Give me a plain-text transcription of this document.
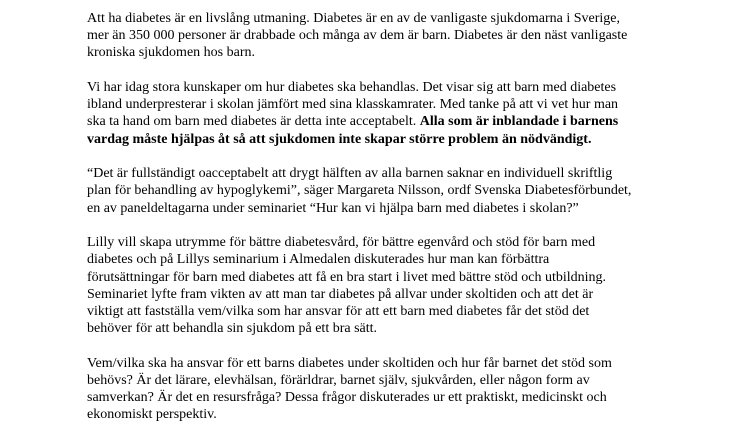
Att ha diabetes är en livslång utmaning. Diabetes är en av de vanligaste sjukdomarna i Sverige,
mer än 350 000 personer är drabbade och många av dem är barn. Diabetes är den näst vanligaste
kroniska sjukdomen hos barn.

Vi har idag stora kunskaper om hur diabetes ska behandlas. Det visar sig att barn med diabetes
ibland underpresterar i skolan jämfört med sina klasskamrater. Med tanke på att vi vet hur man
ska ta hand om barn med diabetes är detta inte acceptabelt. Alla som är inblandade i barnens
vardag måste hjälpas åt så att sjukdomen inte skapar större problem än nödvändigt.

“Det är fullständigt oacceptabelt att drygt hälften av alla barnen saknar en individuell skriftlig
plan för behandling av hypoglykemi”, säger Margareta Nilsson, ordf Svenska Diabetesförbundet,
en av paneldeltagarna under seminariet “Hur kan vi hjälpa barn med diabetes i skolan?”

Lilly vill skapa utrymme för bättre diabetesvård, för bättre egenvård och stöd för barn med
diabetes och på Lillys seminarium i Almedalen diskuterades hur man kan förbättra
förutsättningar för barn med diabetes att få en bra start i livet med bättre stöd och utbildning.
Seminariet lyfte fram vikten av att man tar diabetes på allvar under skoltiden och att det är
viktigt att fastställa vem/vilka som har ansvar för att ett barn med diabetes får det stöd det
behöver för att behandla sin sjukdom på ett bra sätt.

Vem/vilka ska ha ansvar för ett barns diabetes under skoltiden och hur får barnet det stöd som
behövs? Är det lärare, elevhälsan, förärldrar, barnet själv, sjukvården, eller någon form av
samverkan? Är det en resursfråga? Dessa frågor diskuterades ur ett praktiskt, medicinskt och
ekonomiskt perspektiv.
